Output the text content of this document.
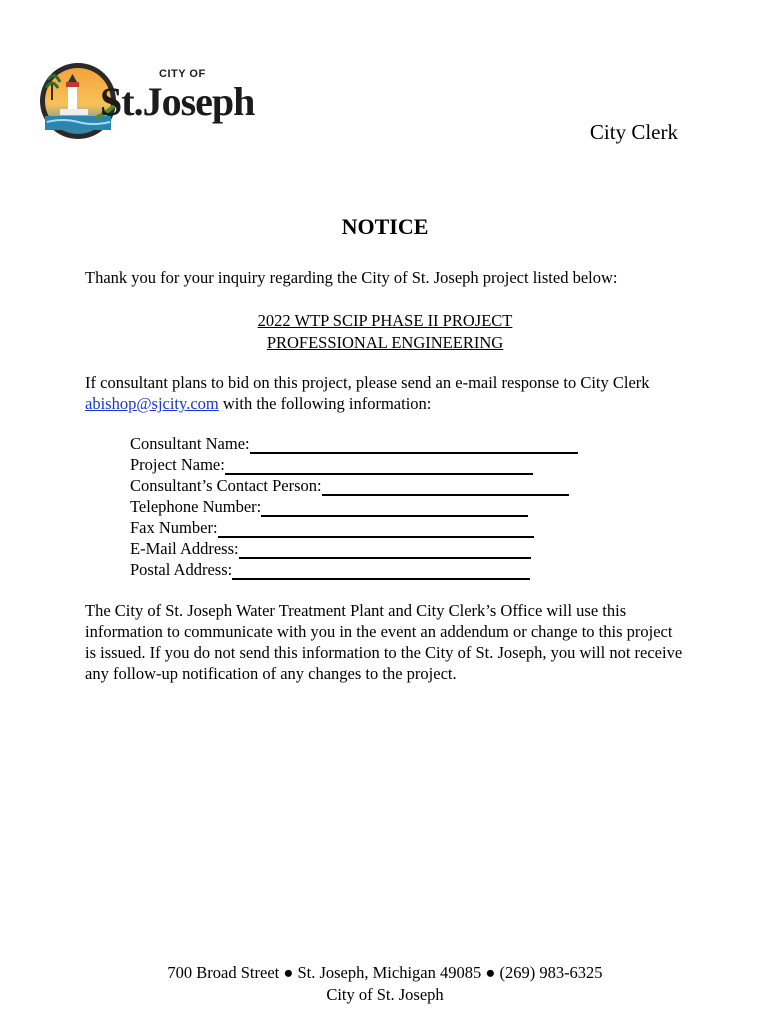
CITY OF
St.Joseph
City Clerk
NOTICE
Thank you for your inquiry regarding the City of St. Joseph project listed below:
2022 WTP SCIP PHASE II PROJECT
PROFESSIONAL ENGINEERING
If consultant plans to bid on this project, please send an e-mail response to City Clerk abishop@sjcity.com with the following information:
Consultant Name:
Project Name:
Consultant’s Contact Person:
Telephone Number:
Fax Number:
E-Mail Address:
Postal Address:
The City of St. Joseph Water Treatment Plant and City Clerk’s Office will use this information to communicate with you in the event an addendum or change to this project is issued. If you do not send this information to the City of St. Joseph, you will not receive any follow-up notification of any changes to the project.
700 Broad Street ● St. Joseph, Michigan 49085 ● (269) 983-6325
City of St. Joseph
